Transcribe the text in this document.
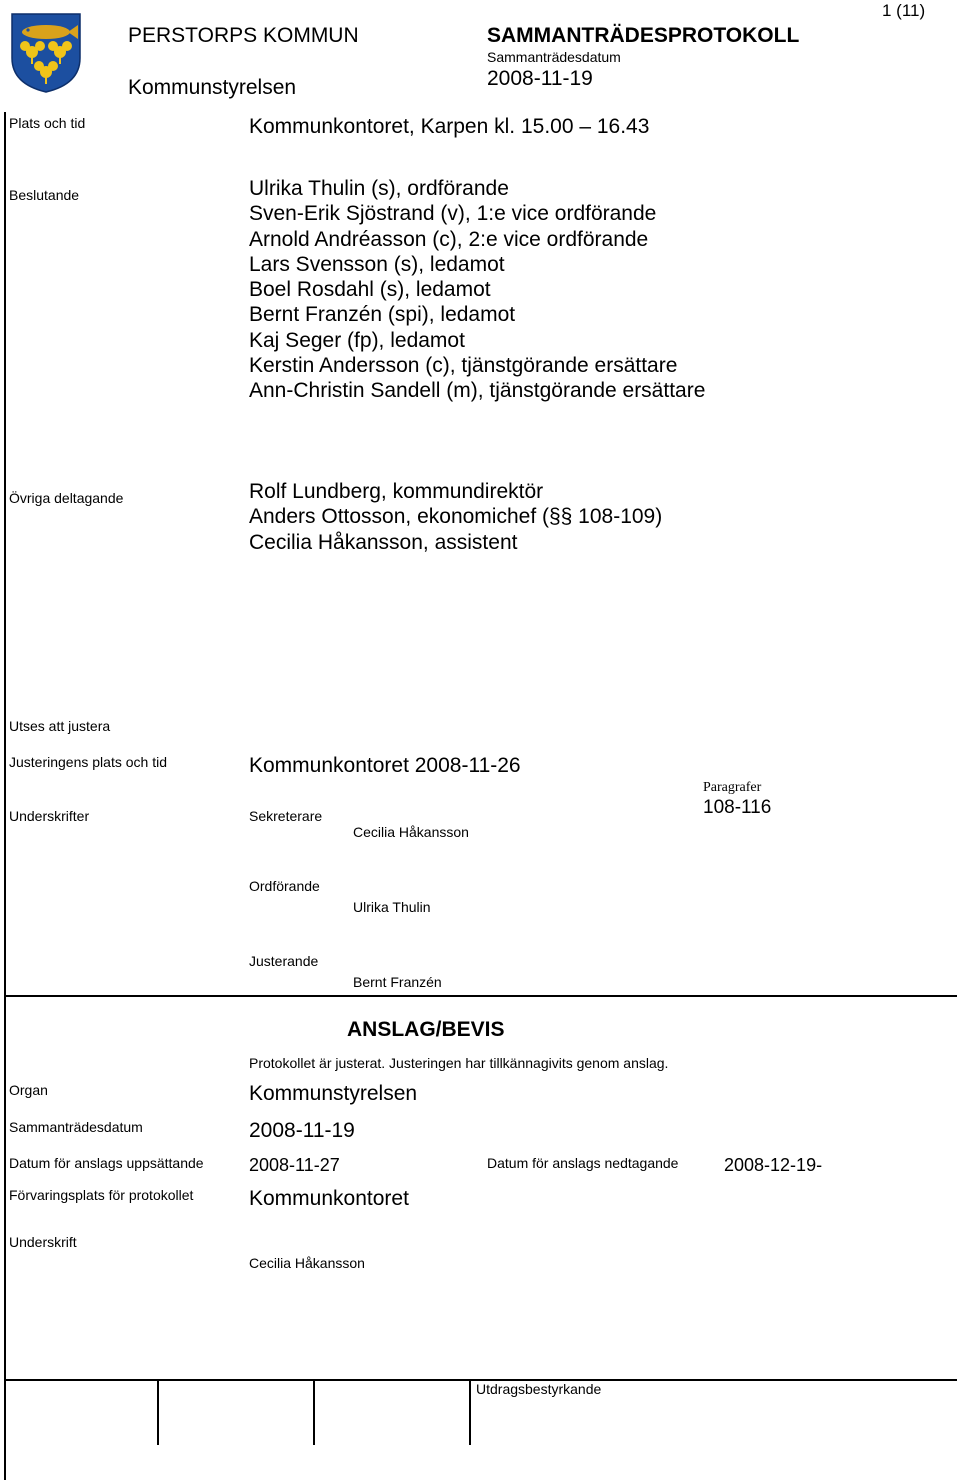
PERSTORPS KOMMUN
Kommunstyrelsen
SAMMANTRÄDESPROTOKOLL
Sammanträdesdatum
2008-11-19
1 (11)
Plats och tid	Kommunkontoret, Karpen kl. 15.00 – 16.43
Beslutande	Ulrika Thulin (s), ordförande
Sven-Erik Sjöstrand (v), 1:e vice ordförande
Arnold Andréasson (c), 2:e vice ordförande
Lars Svensson (s), ledamot
Boel Rosdahl (s), ledamot
Bernt Franzén (spi), ledamot
Kaj Seger (fp), ledamot
Kerstin Andersson (c), tjänstgörande ersättare
Ann-Christin Sandell (m), tjänstgörande ersättare
Övriga deltagande	Rolf Lundberg, kommundirektör
Anders Ottosson, ekonomichef (§§ 108-109)
Cecilia Håkansson, assistent
Utses att justera
Justeringens plats och tid	Kommunkontoret 2008-11-26
Paragrafer
108-116
Underskrifter	Sekreterare
Cecilia Håkansson
Ordförande
Ulrika Thulin
Justerande
Bernt Franzén
ANSLAG/BEVIS
Protokollet är justerat. Justeringen har tillkännagivits genom anslag.
Organ	Kommunstyrelsen
Sammanträdesdatum	2008-11-19
Datum för anslags uppsättande	2008-11-27	Datum för anslags nedtagande	2008-12-19-
Förvaringsplats för protokollet	Kommunkontoret
Underskrift
Cecilia Håkansson
Utdragsbestyrkande
